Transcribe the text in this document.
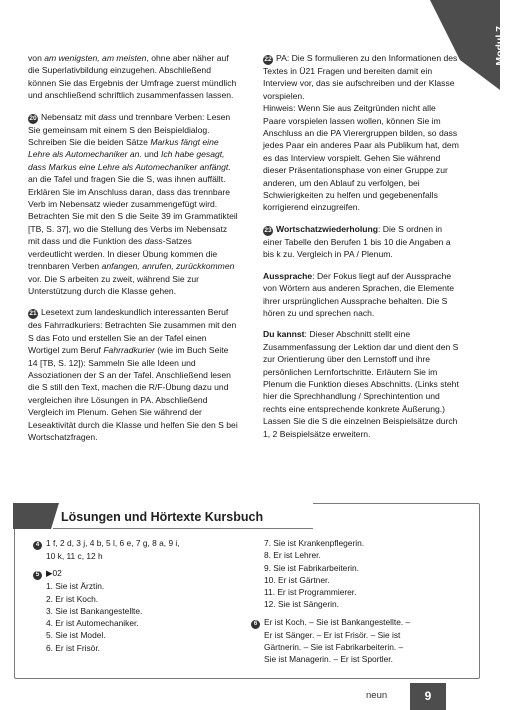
Modul 7 Lektion 1

von am wenigsten, am meisten, ohne aber näher auf die Superlativbildung einzugehen. Abschließend können Sie das Ergebnis der Umfrage zuerst mündlich und anschließend schriftlich zusammenfassen lassen.

20 Nebensatz mit dass und trennbare Verben: Lesen Sie gemeinsam mit einem S den Beispieldialog. Schreiben Sie die beiden Sätze Markus fängt eine Lehre als Automechaniker an. und Ich habe gesagt, dass Markus eine Lehre als Automechaniker anfängt. an die Tafel und fragen Sie die S, was ihnen auffällt. Erklären Sie im Anschluss daran, dass das trennbare Verb im Nebensatz wieder zusammengefügt wird. Betrachten Sie mit den S die Seite 39 im Grammatikteil [TB, S. 37], wo die Stellung des Verbs im Nebensatz mit dass und die Funktion des dass-Satzes verdeutlicht werden. In dieser Übung kommen die trennbaren Verben anfangen, anrufen, zurückkommen vor. Die S arbeiten zu zweit, während Sie zur Unterstützung durch die Klasse gehen.

21 Lesetext zum landeskundlich interessanten Beruf des Fahrradkuriers: Betrachten Sie zusammen mit den S das Foto und erstellen Sie an der Tafel einen Wortigel zum Beruf Fahrradkurier (wie im Buch Seite 14 [TB, S. 12]): Sammeln Sie alle Ideen und Assoziationen der S an der Tafel. Anschließend lesen die S still den Text, machen die R/F-Übung dazu und vergleichen ihre Lösungen in PA. Abschließend Vergleich im Plenum. Gehen Sie während der Leseaktivität durch die Klasse und helfen Sie den S bei Wortschatzfragen.

22 PA: Die S formulieren zu den Informationen des Textes in Ü21 Fragen und bereiten damit ein Interview vor, das sie aufschreiben und der Klasse vorspielen.

Hinweis: Wenn Sie aus Zeitgründen nicht alle Paare vorspielen lassen wollen, können Sie im Anschluss an die PA Vierergruppen bilden, so dass jedes Paar ein anderes Paar als Publikum hat, dem es das Interview vorspielt. Gehen Sie während dieser Präsentationsphase von einer Gruppe zur anderen, um den Ablauf zu verfolgen, bei Schwierigkeiten zu helfen und gegebenenfalls korrigierend einzugreifen.

23 Wortschatzwiederholung: Die S ordnen in einer Tabelle den Berufen 1 bis 10 die Angaben a bis k zu. Vergleich in PA / Plenum.

Aussprache: Der Fokus liegt auf der Aussprache von Wörtern aus anderen Sprachen, die Elemente ihrer ursprünglichen Aussprache behalten. Die S hören zu und sprechen nach.

Du kannst: Dieser Abschnitt stellt eine Zusammenfassung der Lektion dar und dient den S zur Orientierung über den Lernstoff und ihre persönlichen Lernfortschritte. Erläutern Sie im Plenum die Funktion dieses Abschnitts. (Links steht hier die Sprechhandlung / Sprechintention und rechts eine entsprechende konkrete Äußerung.) Lassen Sie die S die einzelnen Beispielsätze durch 1, 2 Beispielsätze erweitern.

Lösungen und Hörtexte Kursbuch
4 1 f, 2 d, 3 j, 4 b, 5 l, 6 e, 7 g, 8 a, 9 i,
10 k, 11 c, 12 h
5 ▶02
1. Sie ist Ärztin.
2. Er ist Koch.
3. Sie ist Bankangestellte.
4. Er ist Automechaniker.
5. Sie ist Model.
6. Er ist Frisör.
7. Sie ist Krankenpflegerin.
8. Er ist Lehrer.
9. Sie ist Fabrikarbeiterin.
10. Er ist Gärtner.
11. Er ist Programmierer.
12. Sie ist Sängerin.
6 Er ist Koch. – Sie ist Bankangestellte. –
Er ist Sänger. – Er ist Frisör. – Sie ist
Gärtnerin. – Sie ist Fabrikarbeiterin. –
Sie ist Managerin. – Er ist Sportler.
neun	9
